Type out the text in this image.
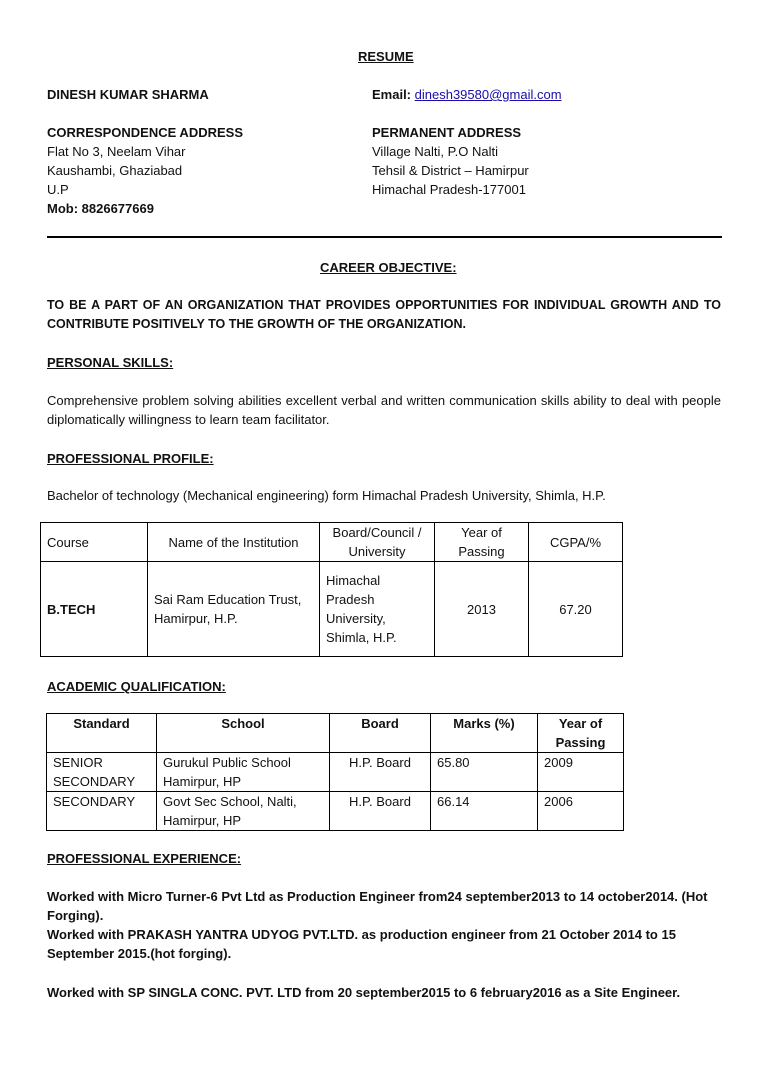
RESUME
DINESH KUMAR SHARMA	Email: dinesh39580@gmail.com
CORRESPONDENCE ADDRESS
Flat No 3, Neelam Vihar
Kaushambi, Ghaziabad
U.P
Mob: 8826677669
PERMANENT ADDRESS
Village Nalti, P.O Nalti
Tehsil & District – Hamirpur
Himachal Pradesh-177001
CAREER OBJECTIVE:
TO BE A PART OF AN ORGANIZATION THAT PROVIDES OPPORTUNITIES FOR INDIVIDUAL GROWTH AND TO CONTRIBUTE POSITIVELY TO THE GROWTH OF THE ORGANIZATION.
PERSONAL SKILLS:
Comprehensive problem solving abilities excellent verbal and written communication skills ability to deal with people diplomatically willingness to learn team facilitator.
PROFESSIONAL PROFILE:
Bachelor of technology (Mechanical engineering) form Himachal Pradesh University, Shimla, H.P.
Course	Name of the Institution	Board/Council / University	Year of Passing	CGPA/%
B.TECH	Sai Ram Education Trust, Hamirpur, H.P.	Himachal Pradesh University, Shimla, H.P.	2013	67.20
ACADEMIC QUALIFICATION:
Standard	School	Board	Marks (%)	Year of Passing
SENIOR SECONDARY	Gurukul Public School Hamirpur, HP	H.P. Board	65.80	2009
SECONDARY	Govt Sec School, Nalti, Hamirpur, HP	H.P. Board	66.14	2006
PROFESSIONAL EXPERIENCE:
Worked with Micro Turner-6 Pvt Ltd as Production Engineer from24 september2013 to 14 october2014. (Hot Forging).
Worked with PRAKASH YANTRA UDYOG PVT.LTD. as production engineer from 21 October 2014 to 15 September 2015.(hot forging).
Worked with SP SINGLA CONC. PVT. LTD from 20 september2015 to 6 february2016 as a Site Engineer.
